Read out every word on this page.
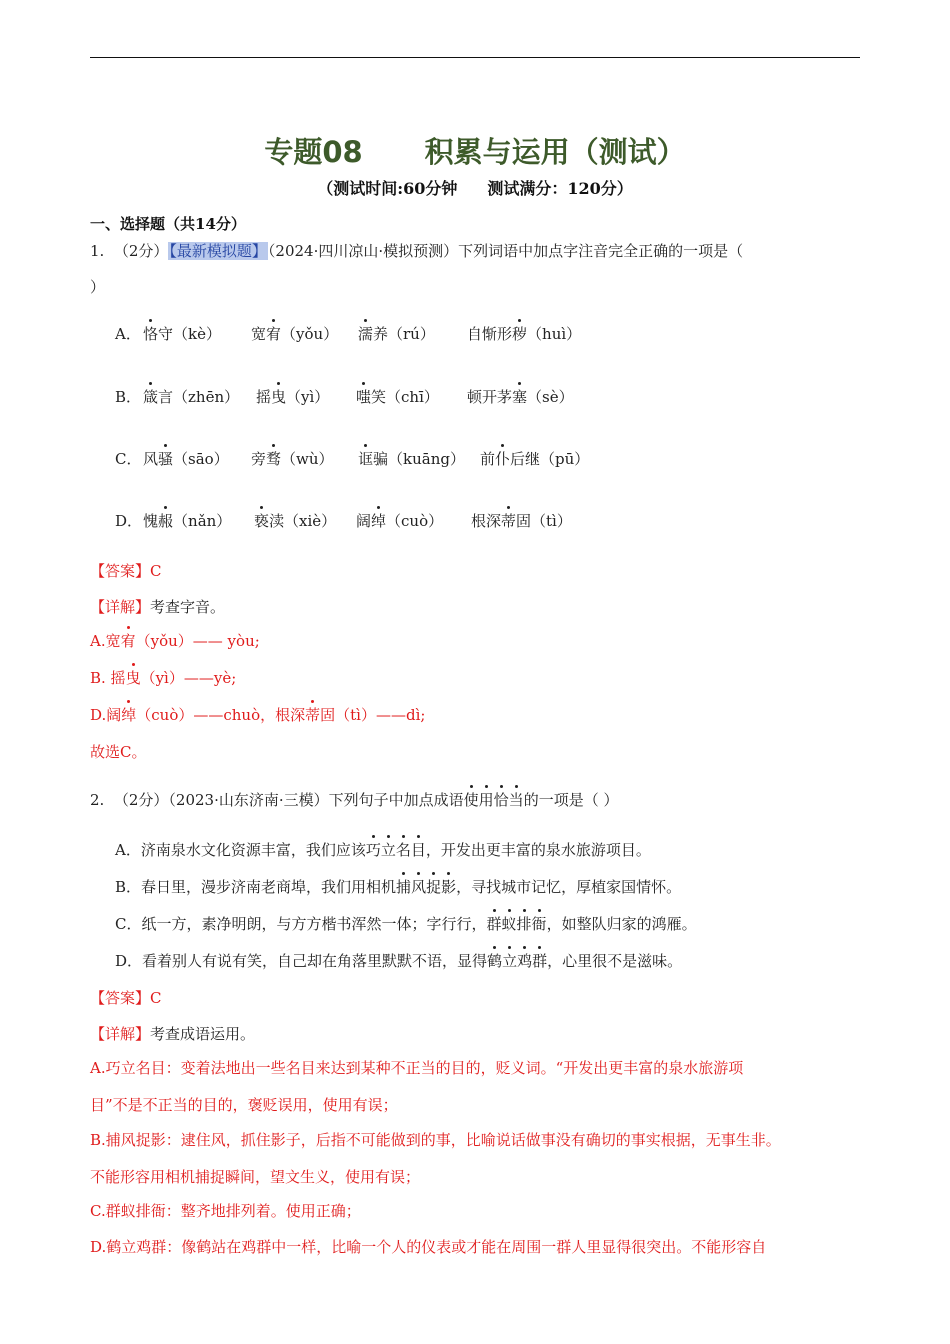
专题08 积累与运用（测试）
（测试时间:60分钟 测试满分：120分）
一、选择题（共14分）
1. （2分）【最新模拟题】（2024·四川凉山·模拟预测）下列词语中加点字注音完全正确的一项是（
）
A． 恪守（kè） 宽宥（yǒu） 濡养（rú） 自惭形秽（huì）
B． 箴言（zhēn） 摇曳（yì） 嗤笑（chī） 顿开茅塞（sè）
C． 风骚（sāo） 旁骛（wù） 诓骗（kuāng） 前仆后继（pū）
D． 愧赧（nǎn） 亵渎（xiè） 阔绰（cuò） 根深蒂固（tì）
【答案】C
【详解】考查字音。
A.宽宥（yǒu）—— yòu;
B. 摇曳（yì）——yè;
D.阔绰（cuò）——chuò，根深蒂固（tì）——dì;
故选C。
2. （2分）（2023·山东济南·三模）下列句子中加点成语使用恰当的一项是（ ）
A．济南泉水文化资源丰富，我们应该巧立名目，开发出更丰富的泉水旅游项目。
B．春日里，漫步济南老商埠，我们用相机捕风捉影，寻找城市记忆，厚植家国情怀。
C．纸一方，素净明朗，与方方楷书浑然一体；字行行，群蚁排衙，如整队归家的鸿雁。
D．看着别人有说有笑，自己却在角落里默默不语，显得鹤立鸡群，心里很不是滋味。
【答案】C
【详解】考查成语运用。
A.巧立名目：变着法地出一些名目来达到某种不正当的目的，贬义词。“开发出更丰富的泉水旅游项
目”不是不正当的目的，褒贬误用，使用有误；
B.捕风捉影：逮住风，抓住影子，后指不可能做到的事，比喻说话做事没有确切的事实根据，无事生非。
不能形容用相机捕捉瞬间，望文生义，使用有误；
C.群蚁排衙：整齐地排列着。使用正确；
D.鹤立鸡群：像鹤站在鸡群中一样，比喻一个人的仪表或才能在周围一群人里显得很突出。不能形容自
